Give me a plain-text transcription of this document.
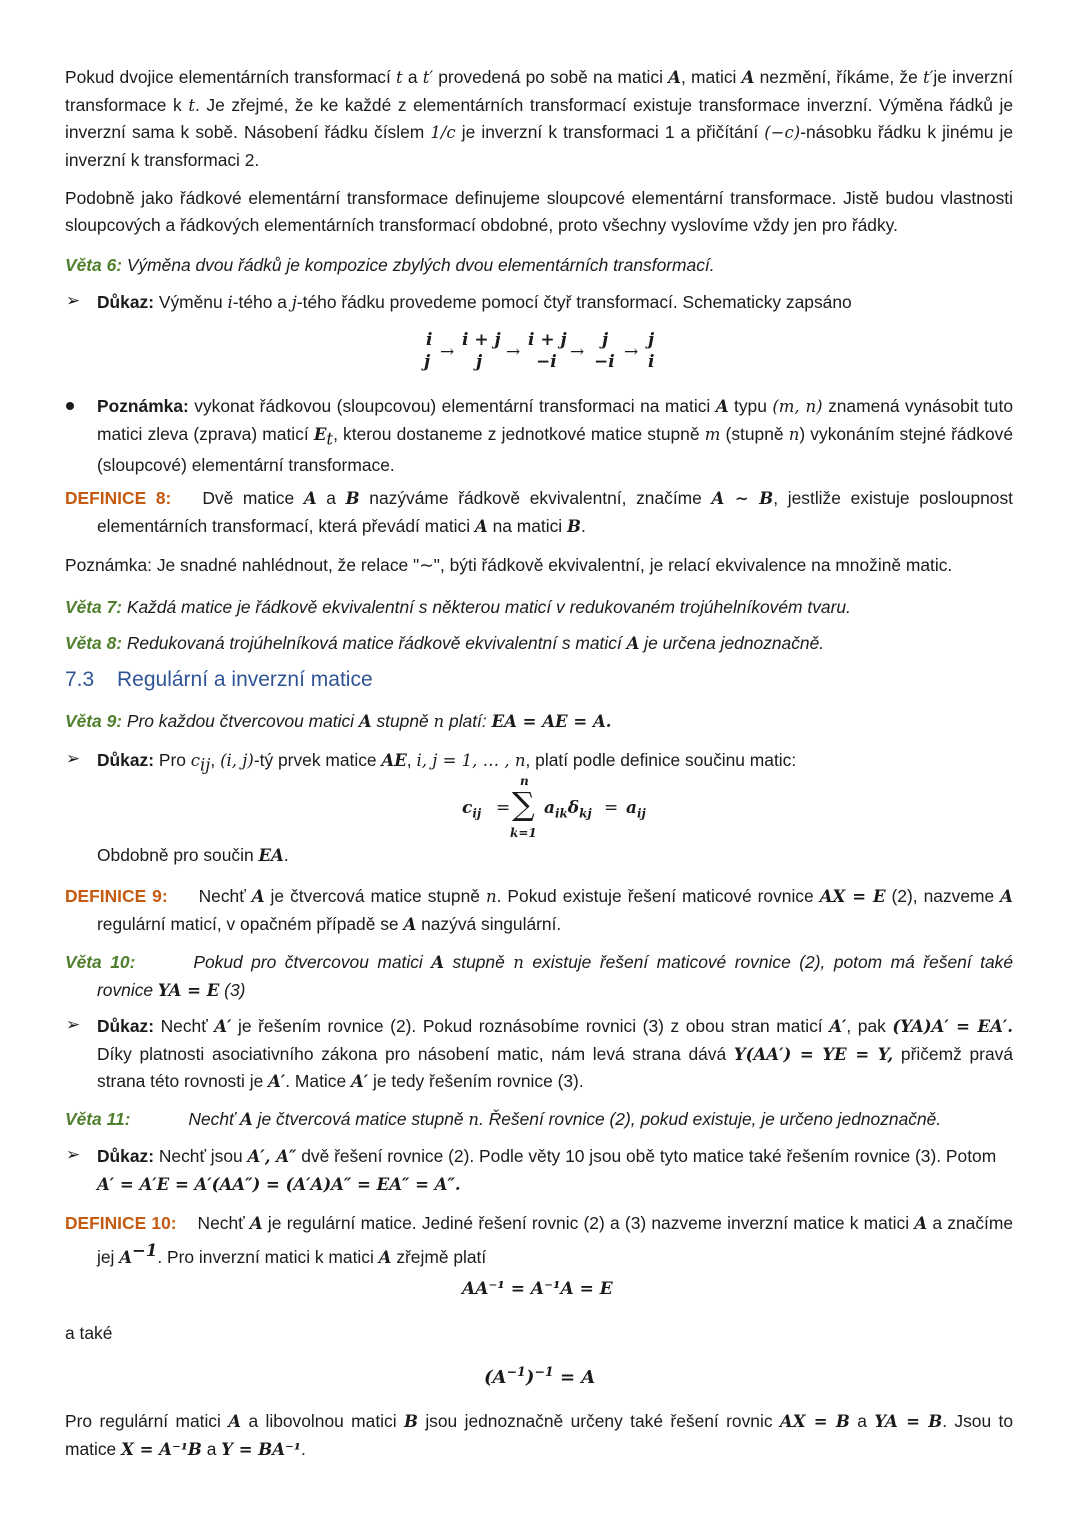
Pokud dvojice elementárních transformací t a t′ provedená po sobě na matici A, matici A nezmění, říkáme, že t′je inverzní transformace k t. Je zřejmé, že ke každé z elementárních transformací existuje transformace inverzní. Výměna řádků je inverzní sama k sobě. Násobení řádku číslem 1/c je inverzní k transformaci 1 a přičítání (−c)-násobku řádku k jinému je inverzní k transformaci 2.

Podobně jako řádkové elementární transformace definujeme sloupcové elementární transformace. Jistě budou vlastnosti sloupcových a řádkových elementárních transformací obdobné, proto všechny vyslovíme vždy jen pro řádky.

Věta 6: Výměna dvou řádků je kompozice zbylých dvou elementárních transformací.

➢ Důkaz: Výměnu i-tého a j-tého řádku provedeme pomocí čtyř transformací. Schematicky zapsáno

i
j →
i + j
j →
i + j
−i →
j
−i →
j
i

Poznámka: vykonat řádkovou (sloupcovou) elementární transformaci na matici A typu (m, n) znamená vynásobit tuto matici zleva (zprava) maticí $E_t$, kterou dostaneme z jednotkové matice stupně m (stupně n) vykonáním stejné řádkové (sloupcové) elementární transformace.

DEFINICE 8: Dvě matice A a B nazýváme řádkově ekvivalentní, značíme A ∼ B, jestliže existuje posloupnost elementárních transformací, která převádí matici A na matici B.

Poznámka: Je snadné nahlédnout, že relace "∼", býti řádkově ekvivalentní, je relací ekvivalence na množině matic.

Věta 7: Každá matice je řádkově ekvivalentní s některou maticí v redukovaném trojúhelníkovém tvaru.

Věta 8: Redukovaná trojúhelníková matice řádkově ekvivalentní s maticí A je určena jednoznačně.

7.3 Regulární a inverzní matice

Věta 9: Pro každou čtvercovou matici A stupně n platí: EA = AE = A.

➢ Důkaz: Pro $c_{ij}$, (i, j)-tý prvek matice AE, i, j = 1, … , n, platí podle definice součinu matic:

$c_{ij}$ =
n
∑
k=1
$a_{ik}\delta_{kj} = a_{ij}$

Obdobně pro součin EA.

DEFINICE 9: Nechť A je čtvercová matice stupně n. Pokud existuje řešení maticové rovnice AX = E (2), nazveme A regulární maticí, v opačném případě se A nazývá singulární.

Věta 10:	Pokud pro čtvercovou matici A stupně n existuje řešení maticové rovnice (2), potom má řešení také rovnice YA = E (3)

➢ Důkaz: Nechť A′ je řešením rovnice (2). Pokud roznásobíme rovnici (3) z obou stran maticí A′, pak (YA)A′ = EA′. Díky platnosti asociativního zákona pro násobení matic, nám levá strana dává Y(AA′) = YE = Y, přičemž pravá strana této rovnosti je A′. Matice A′ je tedy řešením rovnice (3).

Věta 11:	Nechť A je čtvercová matice stupně n. Řešení rovnice (2), pokud existuje, je určeno jednoznačně.

➢ Důkaz: Nechť jsou A′, A″ dvě řešení rovnice (2). Podle věty 10 jsou obě tyto matice také řešením rovnice (3). Potom A′ = A′E = A′(AA″) = (A′A)A″ = EA″ = A″.

DEFINICE 10: Nechť A je regulární matice. Jediné řešení rovnic (2) a (3) nazveme inverzní matice k matici A a značíme jej $A^{-1}$. Pro inverzní matici k matici A zřejmě platí

AA⁻¹ = A⁻¹A = E

a také

$(A^{-1})^{-1} = A$

Pro regulární matici A a libovolnou matici B jsou jednoznačně určeny také řešení rovnic AX = B a YA = B. Jsou to matice X = A⁻¹B a Y = BA⁻¹.
